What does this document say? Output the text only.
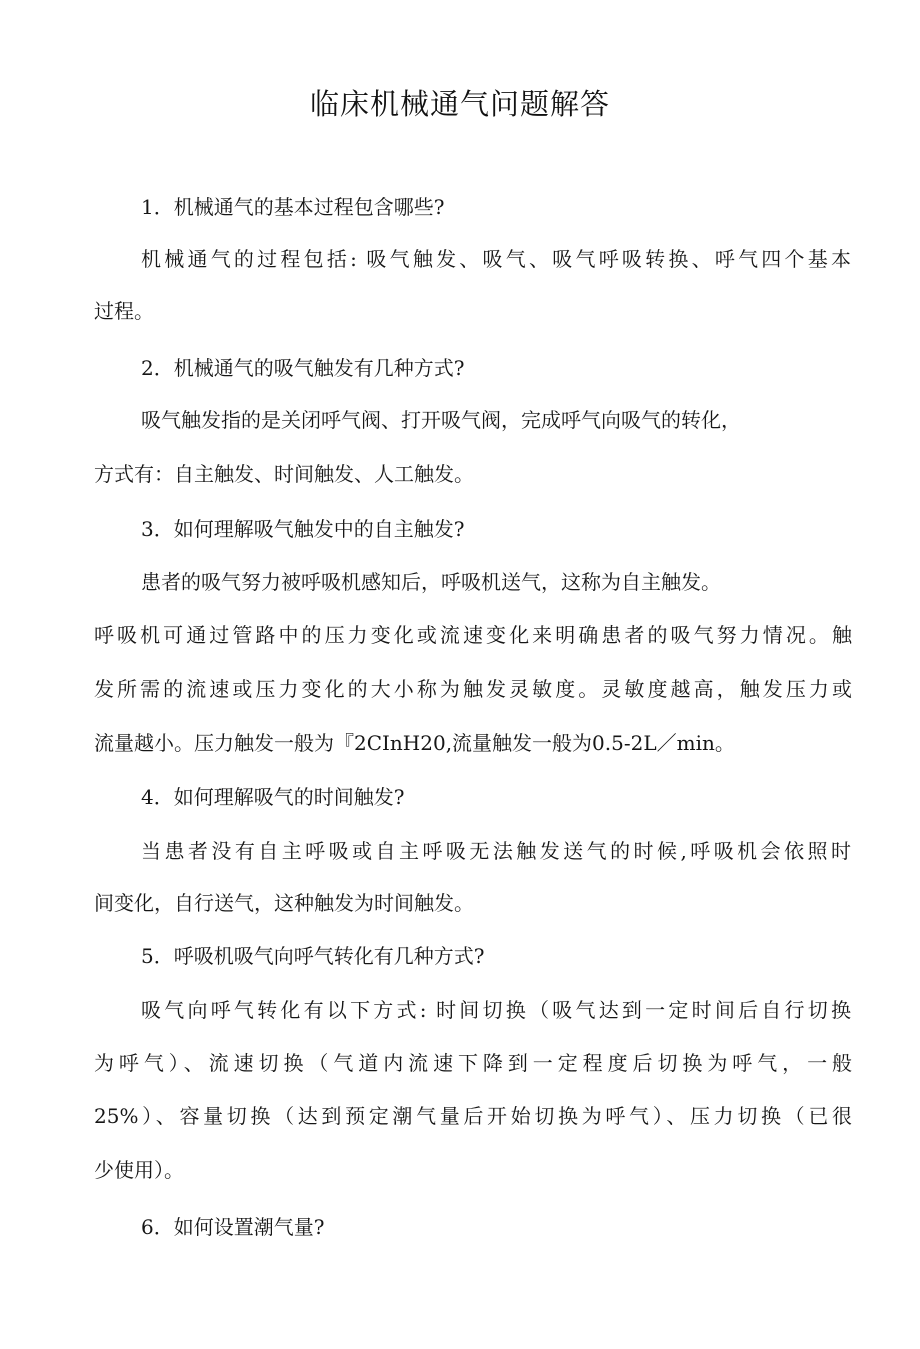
临床机械通气问题解答
1．机械通气的基本过程包含哪些?
机械通气的过程包括: 吸气触发、吸气、吸气呼吸转换、呼气四个基本
过程。
2．机械通气的吸气触发有几种方式?
吸气触发指的是关闭呼气阀、打开吸气阀，完成呼气向吸气的转化，
方式有：自主触发、时间触发、人工触发。
3．如何理解吸气触发中的自主触发?
患者的吸气努力被呼吸机感知后，呼吸机送气，这称为自主触发。
呼吸机可通过管路中的压力变化或流速变化来明确患者的吸气努力情况。触
发所需的流速或压力变化的大小称为触发灵敏度。灵敏度越高，触发压力或
流量越小。压力触发一般为『2CInH20,流量触发一般为0.5-2L／min。
4．如何理解吸气的时间触发?
当患者没有自主呼吸或自主呼吸无法触发送气的时候,呼吸机会依照时
间变化，自行送气，这种触发为时间触发。
5．呼吸机吸气向呼气转化有几种方式?
吸气向呼气转化有以下方式: 时间切换（吸气达到一定时间后自行切换
为呼气）、流速切换（气道内流速下降到一定程度后切换为呼气，一般
25%）、容量切换（达到预定潮气量后开始切换为呼气）、压力切换（已很
少使用）。
6．如何设置潮气量?
